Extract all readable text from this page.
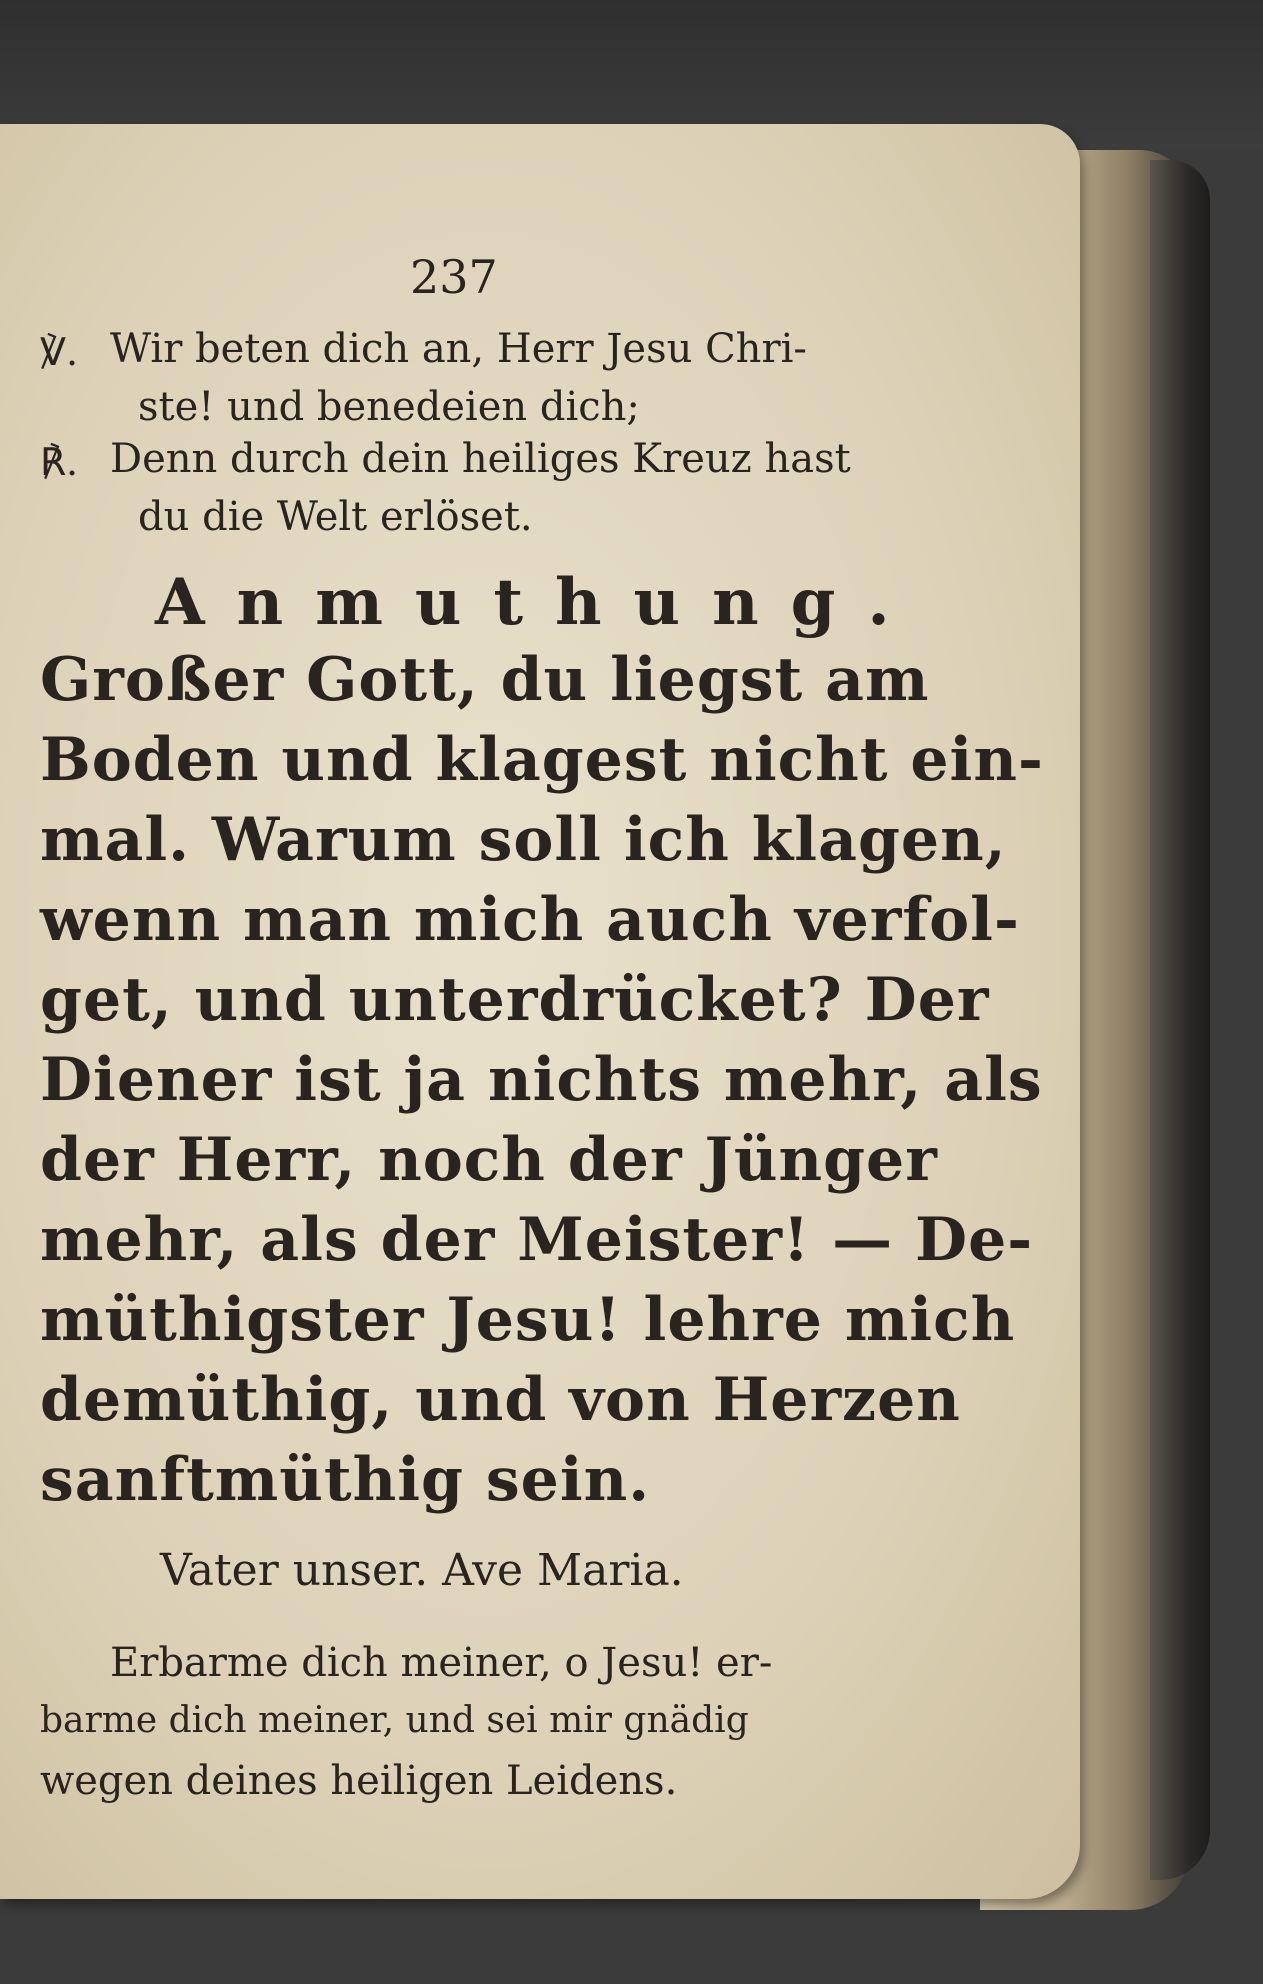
237
℣. Wir beten dich an, Herr Jesu Chri-
ste! und benedeien dich;
℟. Denn durch dein heiliges Kreuz hast
du die Welt erlöset.
Anmuthung.
Großer Gott, du liegst am
Boden und klagest nicht ein-
mal. Warum soll ich klagen,
wenn man mich auch verfol-
get, und unterdrücket? Der
Diener ist ja nichts mehr, als
der Herr, noch der Jünger
mehr, als der Meister! — De-
müthigster Jesu! lehre mich
demüthig, und von Herzen
sanftmüthig sein.
Vater unser. Ave Maria.
Erbarme dich meiner, o Jesu! er-
barme dich meiner, und sei mir gnädig
wegen deines heiligen Leidens.
